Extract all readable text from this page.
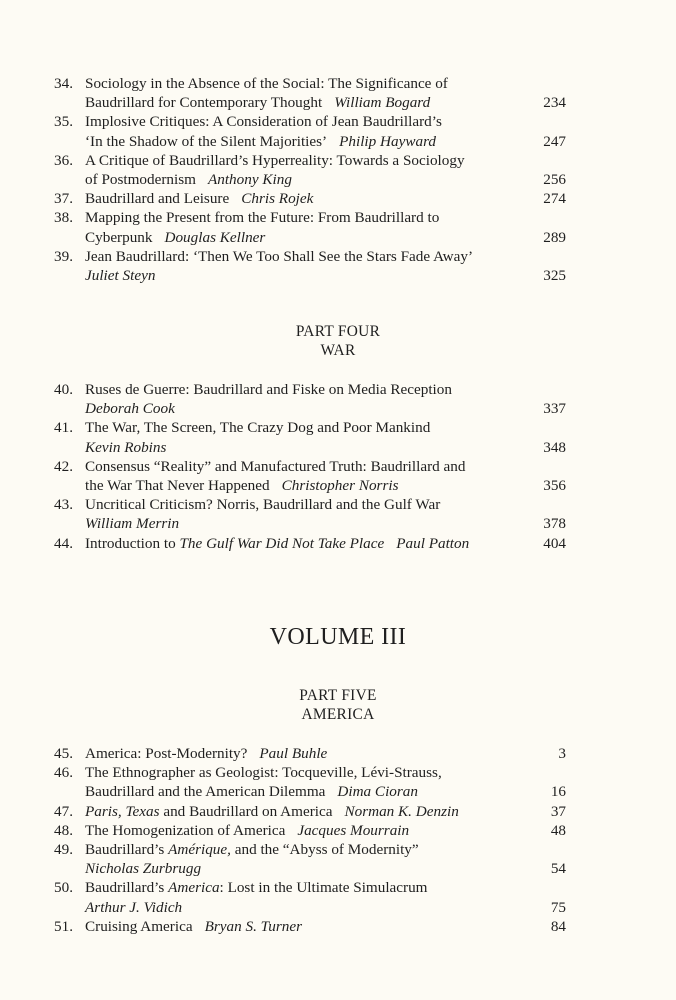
34. Sociology in the Absence of the Social: The Significance of
Baudrillard for Contemporary Thought William Bogard	234
35. Implosive Critiques: A Consideration of Jean Baudrillard’s
‘In the Shadow of the Silent Majorities’ Philip Hayward	247
36. A Critique of Baudrillard’s Hyperreality: Towards a Sociology
of Postmodernism Anthony King	256
37. Baudrillard and Leisure Chris Rojek	274
38. Mapping the Present from the Future: From Baudrillard to
Cyberpunk Douglas Kellner	289
39. Jean Baudrillard: ‘Then We Too Shall See the Stars Fade Away’
Juliet Steyn	325
PART FOUR
WAR
40. Ruses de Guerre: Baudrillard and Fiske on Media Reception
Deborah Cook	337
41. The War, The Screen, The Crazy Dog and Poor Mankind
Kevin Robins	348
42. Consensus “Reality” and Manufactured Truth: Baudrillard and
the War That Never Happened Christopher Norris	356
43. Uncritical Criticism? Norris, Baudrillard and the Gulf War
William Merrin	378
44. Introduction to The Gulf War Did Not Take Place Paul Patton	404
VOLUME III
PART FIVE
AMERICA
45. America: Post-Modernity? Paul Buhle	3
46. The Ethnographer as Geologist: Tocqueville, Lévi-Strauss,
Baudrillard and the American Dilemma Dima Cioran	16
47. Paris, Texas and Baudrillard on America Norman K. Denzin	37
48. The Homogenization of America Jacques Mourrain	48
49. Baudrillard’s Amérique, and the “Abyss of Modernity”
Nicholas Zurbrugg	54
50. Baudrillard’s America: Lost in the Ultimate Simulacrum
Arthur J. Vidich	75
51. Cruising America Bryan S. Turner	84
